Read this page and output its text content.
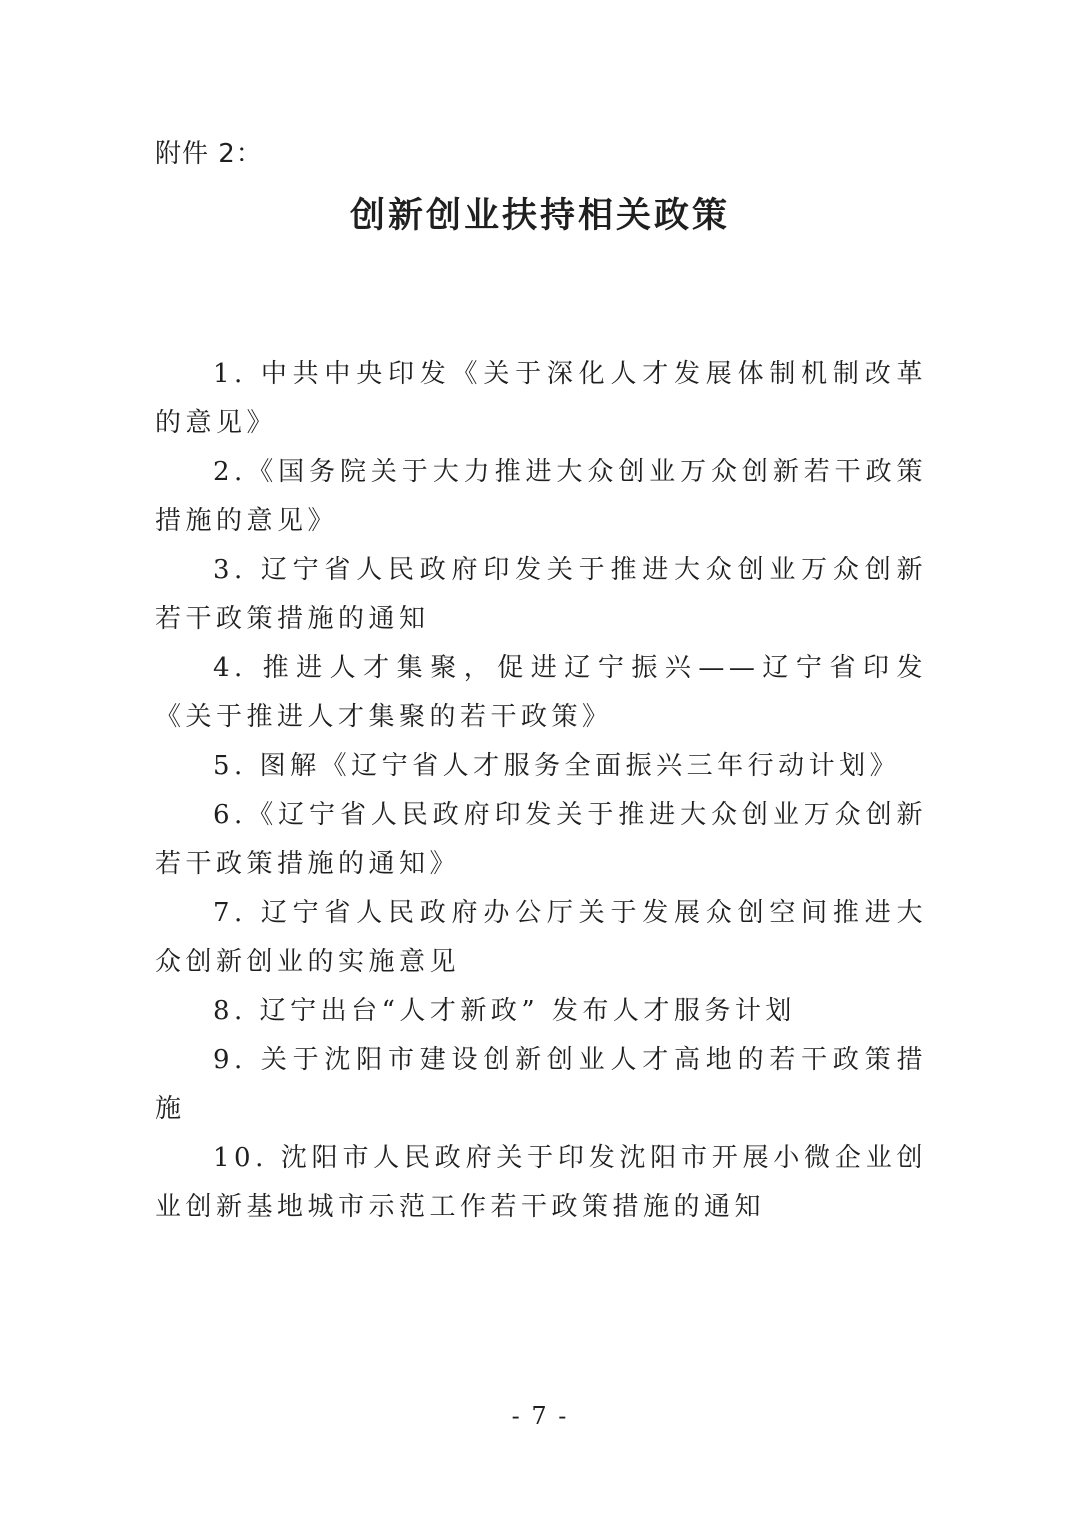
附件 2：
创新创业扶持相关政策

1. 中共中央印发《关于深化人才发展体制机制改革的意见》

2.《国务院关于大力推进大众创业万众创新若干政策措施的意见》

3. 辽宁省人民政府印发关于推进大众创业万众创新若干政策措施的通知

4. 推进人才集聚，促进辽宁振兴——辽宁省印发《关于推进人才集聚的若干政策》

5. 图解《辽宁省人才服务全面振兴三年行动计划》

6.《辽宁省人民政府印发关于推进大众创业万众创新若干政策措施的通知》

7. 辽宁省人民政府办公厅关于发展众创空间推进大众创新创业的实施意见

8. 辽宁出台“人才新政” 发布人才服务计划

9. 关于沈阳市建设创新创业人才高地的若干政策措施

10. 沈阳市人民政府关于印发沈阳市开展小微企业创业创新基地城市示范工作若干政策措施的通知

- 7 -
